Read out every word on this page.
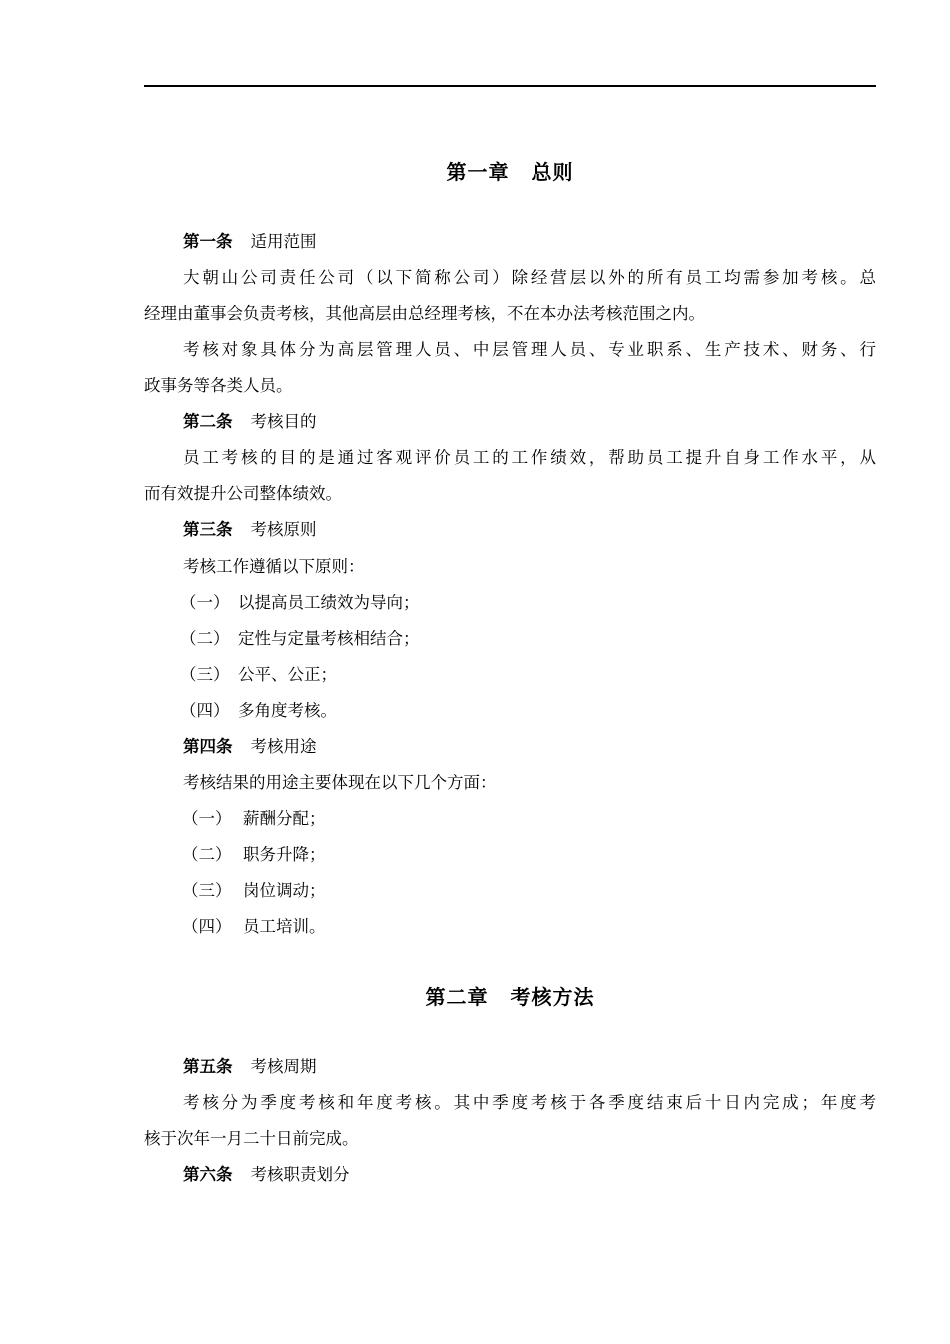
第一章 总则
第一条 适用范围
大朝山公司责任公司（以下简称公司）除经营层以外的所有员工均需参加考核。总
经理由董事会负责考核，其他高层由总经理考核，不在本办法考核范围之内。
考核对象具体分为高层管理人员、中层管理人员、专业职系、生产技术、财务、行
政事务等各类人员。
第二条 考核目的
员工考核的目的是通过客观评价员工的工作绩效，帮助员工提升自身工作水平，从
而有效提升公司整体绩效。
第三条 考核原则
考核工作遵循以下原则：
（一） 以提高员工绩效为导向；
（二） 定性与定量考核相结合；
（三） 公平、公正；
（四） 多角度考核。
第四条 考核用途
考核结果的用途主要体现在以下几个方面：
（一） 薪酬分配；
（二） 职务升降；
（三） 岗位调动；
（四） 员工培训。
第二章 考核方法
第五条 考核周期
考核分为季度考核和年度考核。其中季度考核于各季度结束后十日内完成；年度考
核于次年一月二十日前完成。
第六条 考核职责划分
